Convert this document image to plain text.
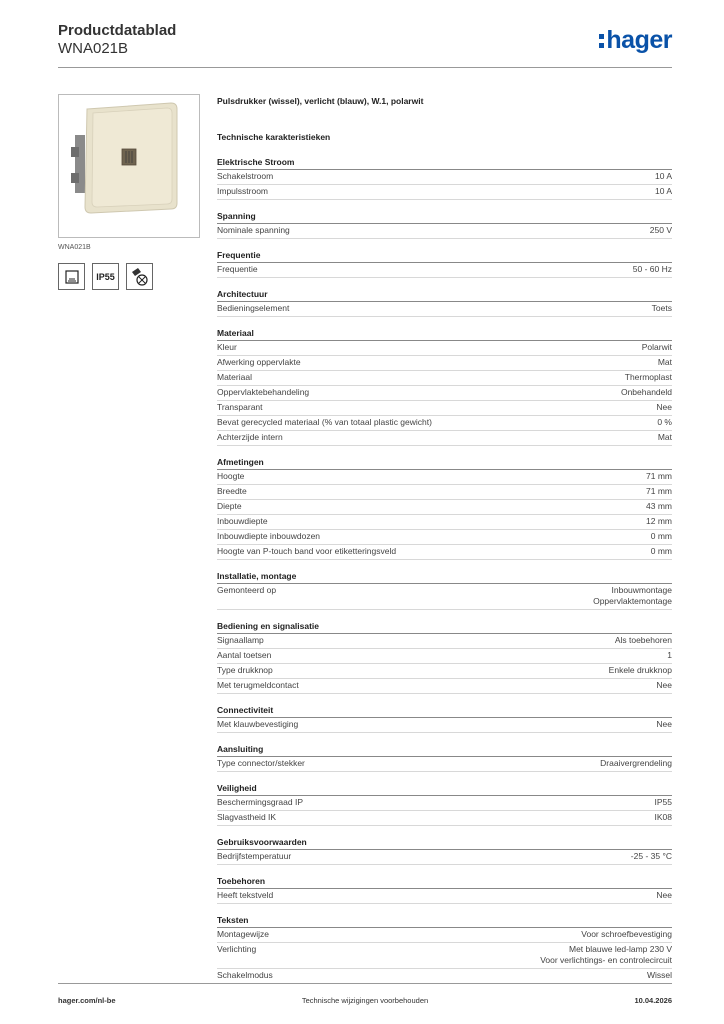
Productdatablad
WNA021B	hager
WNA021B
IP55
Pulsdrukker (wissel), verlicht (blauw), W.1, polarwit
Technische karakteristieken
Elektrische Stroom
Schakelstroom	10 A
Impulsstroom	10 A
Spanning
Nominale spanning	250 V
Frequentie
Frequentie	50 - 60 Hz
Architectuur
Bedieningselement	Toets
Materiaal
Kleur	Polarwit
Afwerking oppervlakte	Mat
Materiaal	Thermoplast
Oppervlaktebehandeling	Onbehandeld
Transparant	Nee
Bevat gerecycled materiaal (% van totaal plastic gewicht)	0 %
Achterzijde intern	Mat
Afmetingen
Hoogte	71 mm
Breedte	71 mm
Diepte	43 mm
Inbouwdiepte	12 mm
Inbouwdiepte inbouwdozen	0 mm
Hoogte van P-touch band voor etiketteringsveld	0 mm
Installatie, montage
Gemonteerd op	Inbouwmontage
Oppervlaktemontage
Bediening en signalisatie
Signaallamp	Als toebehoren
Aantal toetsen	1
Type drukknop	Enkele drukknop
Met terugmeldcontact	Nee
Connectiviteit
Met klauwbevestiging	Nee
Aansluiting
Type connector/stekker	Draaivergrendeling
Veiligheid
Beschermingsgraad IP	IP55
Slagvastheid IK	IK08
Gebruiksvoorwaarden
Bedrijfstemperatuur	-25 - 35 °C
Toebehoren
Heeft tekstveld	Nee
Teksten
Montagewijze	Voor schroefbevestiging
Verlichting	Met blauwe led-lamp 230 V
Voor verlichtings- en controlecircuit
Schakelmodus	Wissel
hager.com/nl-be	Technische wijzigingen voorbehouden	10.04.2026
